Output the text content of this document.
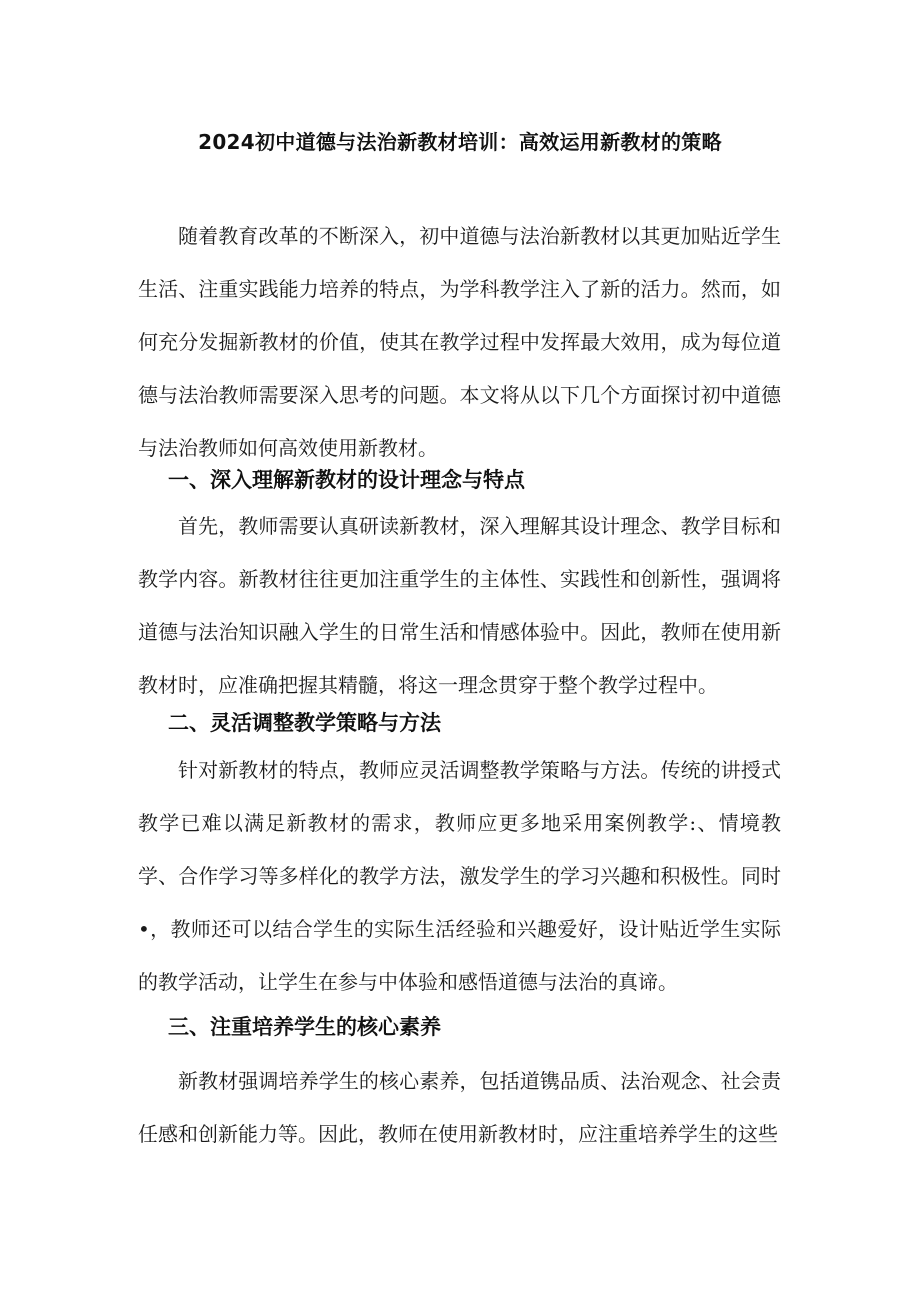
2024初中道德与法治新教材培训：高效运用新教材的策略

随着教育改革的不断深入，初中道德与法治新教材以其更加贴近学生生活、注重实践能力培养的特点，为学科教学注入了新的活力。然而，如何充分发掘新教材的价值，使其在教学过程中发挥最大效用，成为每位道德与法治教师需要深入思考的问题。本文将从以下几个方面探讨初中道德与法治教师如何高效使用新教材。

一、深入理解新教材的设计理念与特点

首先，教师需要认真研读新教材，深入理解其设计理念、教学目标和教学内容。新教材往往更加注重学生的主体性、实践性和创新性，强调将道德与法治知识融入学生的日常生活和情感体验中。因此，教师在使用新教材时，应准确把握其精髓，将这一理念贯穿于整个教学过程中。

二、灵活调整教学策略与方法

针对新教材的特点，教师应灵活调整教学策略与方法。传统的讲授式教学已难以满足新教材的需求，教师应更多地采用案例教学:、情境教学、合作学习等多样化的教学方法，激发学生的学习兴趣和积极性。同时•，教师还可以结合学生的实际生活经验和兴趣爱好，设计贴近学生实际的教学活动，让学生在参与中体验和感悟道德与法治的真谛。

三、注重培养学生的核心素养

新教材强调培养学生的核心素养，包括道镌品质、法治观念、社会责任感和创新能力等。因此，教师在使用新教材时，应注重培养学生的这些
